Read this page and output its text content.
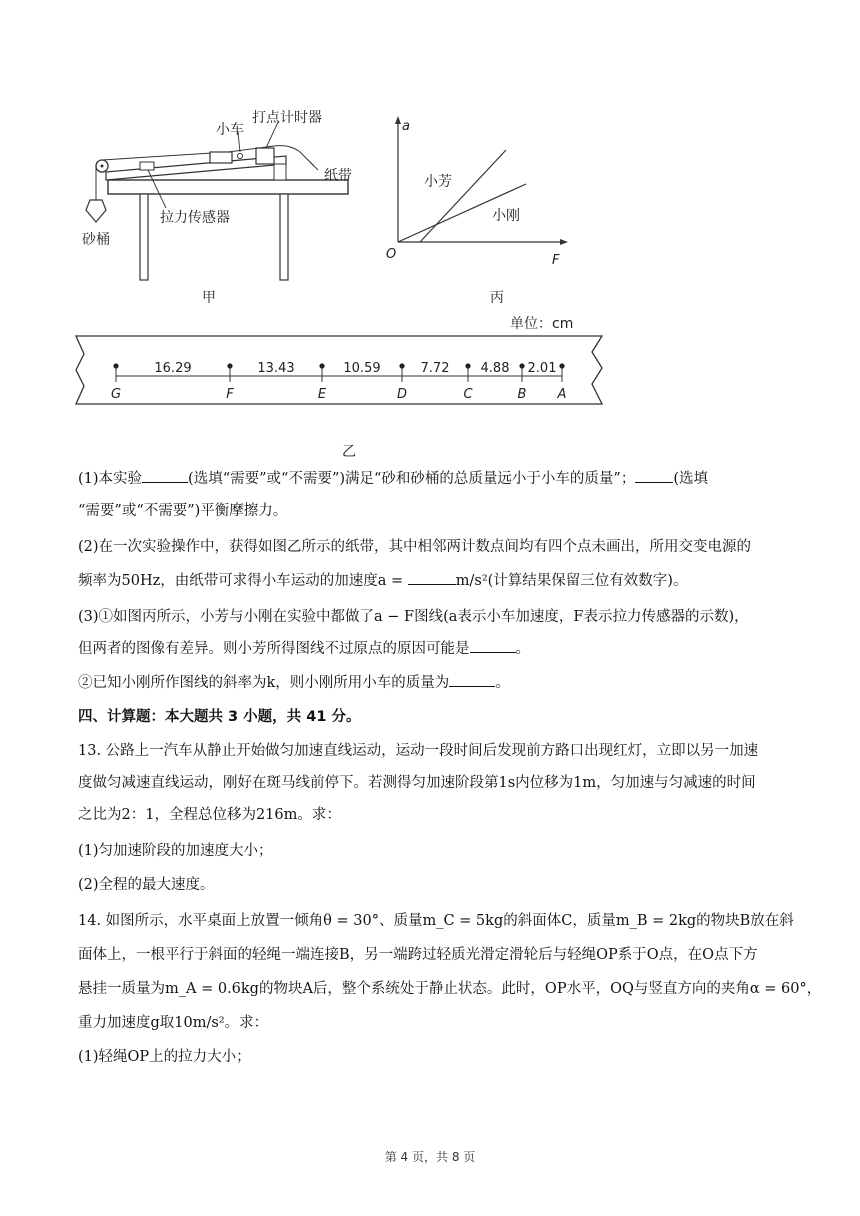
小车
打点计时器
纸带
拉力传感器
砂桶
甲
a
F
O
小芳
小刚
丙
单位：cm
G	F	E	D	C	B A
16.29	13.43	10.59	7.72 4.88 2.01
乙
(1)本实验	(选填“需要”或“不需要”)满足“砂和砂桶的总质量远小于小车的质量”；	(选填
“需要”或“不需要”)平衡摩擦力。
(2)在一次实验操作中，获得如图乙所示的纸带，其中相邻两计数点间均有四个点未画出，所用交变电源的
频率为50Hz，由纸带可求得小车运动的加速度a =	m/s²(计算结果保留三位有效数字)。
(3)①如图丙所示，小芳与小刚在实验中都做了a − F图线(a表示小车加速度，F表示拉力传感器的示数)，
但两者的图像有差异。则小芳所得图线不过原点的原因可能是	。
②已知小刚所作图线的斜率为k，则小刚所用小车的质量为	。
四、计算题：本大题共 3 小题，共 41 分。
13. 公路上一汽车从静止开始做匀加速直线运动，运动一段时间后发现前方路口出现红灯，立即以另一加速
度做匀减速直线运动，刚好在斑马线前停下。若测得匀加速阶段第1s内位移为1m，匀加速与匀减速的时间
之比为2：1，全程总位移为216m。求：
(1)匀加速阶段的加速度大小；
(2)全程的最大速度。
14. 如图所示，水平桌面上放置一倾角θ = 30°、质量m_C = 5kg的斜面体C，质量m_B = 2kg的物块B放在斜
面体上，一根平行于斜面的轻绳一端连接B，另一端跨过轻质光滑定滑轮后与轻绳OP系于O点，在O点下方
悬挂一质量为m_A = 0.6kg的物块A后，整个系统处于静止状态。此时，OP水平，OQ与竖直方向的夹角α = 60°，
重力加速度g取10m/s²。求：
(1)轻绳OP上的拉力大小；
第 4 页，共 8 页
